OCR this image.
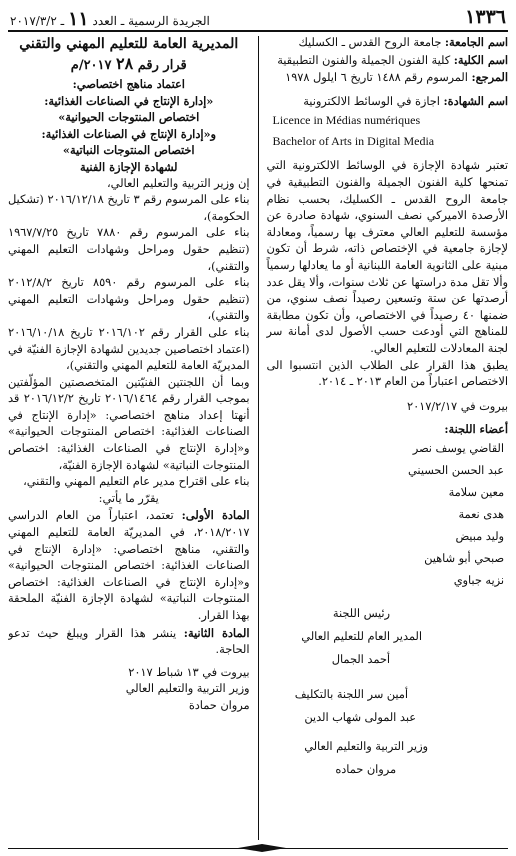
١٣٣٦
الجريدة الرسمية ـ العدد
١١
ـ ٢٠١٧/٣/٢

اسم الجامعة: جامعة الروح القدس ـ الكسليك

اسم الكلية: كلية الفنون الجميلة والفنون التطبيقية

المرجع: المرسوم رقم ١٤٨٨ تاريخ ٦ ايلول ١٩٧٨

اسم الشهادة: اجازة في الوسائط الالكترونية

Licence in Médias numériques

Bachelor of Arts in Digital Media

تعتبر شهادة الإجازة في الوسائط الالكترونية التي تمنحها كلية الفنون الجميلة والفنون التطبيقية في جامعة الروح القدس ـ الكسليك، بحسب نظام الأرصدة الاميركي نصف السنوي، شهادة صادرة عن مؤسسة للتعليم العالي معترف بها رسمياً، ومعادلة لإجازة جامعية في الإختصاص ذاته، شرط أن تكون مبنية على الثانوية العامة اللبنانية أو ما يعادلها رسمياً وألا تقل مدة دراستها عن ثلاث سنوات، وألا يقل عدد أرصدتها عن ستة وتسعين رصيداً نصف سنوي، من ضمنها ٤٠ رصيداً في الاختصاص، وأن تكون مطابقة للمناهج التي أودعت حسب الأصول لدى أمانة سر لجنة المعادلات للتعليم العالي.

يطبق هذا القرار على الطلاب الذين انتسبوا الى الاختصاص اعتباراً من العام ٢٠١٣ ـ ٢٠١٤.

بيروت في ٢٠١٧/٢/١٧

أعضاء اللجنة:

القاضي يوسف نصر

عبد الحسن الحسيني

معين سلامة

هدى نعمة

وليد مبيض

صبحي أبو شاهين

نزيه جباوي

رئيس اللجنة

المدير العام للتعليم العالي

أحمد الجمال

أمين سر اللجنة بالتكليف

عبد المولى شهاب الدين

وزير التربية والتعليم العالي

مروان حماده

المديرية العامة للتعليم المهني والتقني

قرار رقم ٢٨ ٢٠١٧/م

اعتماد مناهج اختصاصي:

«إدارة الإنتاج في الصناعات الغذائية:

اختصاص المنتوجات الحيوانية»

و«إدارة الإنتاج في الصناعات الغذائية:

اختصاص المنتوجات النباتية»

لشهادة الإجازة الفنية

إن وزير التربية والتعليم العالي،

بناء على المرسوم رقم ٣ تاريخ ٢٠١٦/١٢/١٨ (تشكيل الحكومة)،

بناء على المرسوم رقم ٧٨٨٠ تاريخ ١٩٦٧/٧/٢٥ (تنظيم حقول ومراحل وشهادات التعليم المهني والتقني)،

بناء على المرسوم رقم ٨٥٩٠ تاريخ ٢٠١٢/٨/٢ (تنظيم حقول ومراحل وشهادات التعليم المهني والتقني)،

بناء على القرار رقم ٢٠١٦/١٠٢ تاريخ ٢٠١٦/١٠/١٨ (اعتماد اختصاصين جديدين لشهادة الإجازة الفنيّة في المديريّة العامة للتعليم المهني والتقني)،

وبما أن اللجنتين الفنيّتين المتخصصتين المؤلّفتين بموجب القرار رقم ٢٠١٦/١٤٦٤ تاريخ ٢٠١٦/١٢/٢ قد أنهتا إعداد مناهج اختصاصي: «إدارة الإنتاج في الصناعات الغذائية: اختصاص المنتوجات الحيوانية» و«إدارة الإنتاج في الصناعات الغذائية: اختصاص المنتوجات النباتية» لشهادة الإجازة الفنيّة،

بناء على اقتراح مدير عام التعليم المهني والتقني،

يقرّر ما يأتي:

المادة الأولى: تعتمد، اعتباراً من العام الدراسي ٢٠١٨/٢٠١٧، في المديريّة العامة للتعليم المهني والتقني، مناهج اختصاصي: «إدارة الإنتاج في الصناعات الغذائية: اختصاص المنتوجات الحيوانية» و«إدارة الإنتاج في الصناعات الغذائية: اختصاص المنتوجات النباتية» لشهادة الإجازة الفنيّة الملحقة بهذا القرار.

المادة الثانية: ينشر هذا القرار ويبلغ حيث تدعو الحاجة.

بيروت في ١٣ شباط ٢٠١٧

وزير التربية والتعليم العالي

مروان حمادة
